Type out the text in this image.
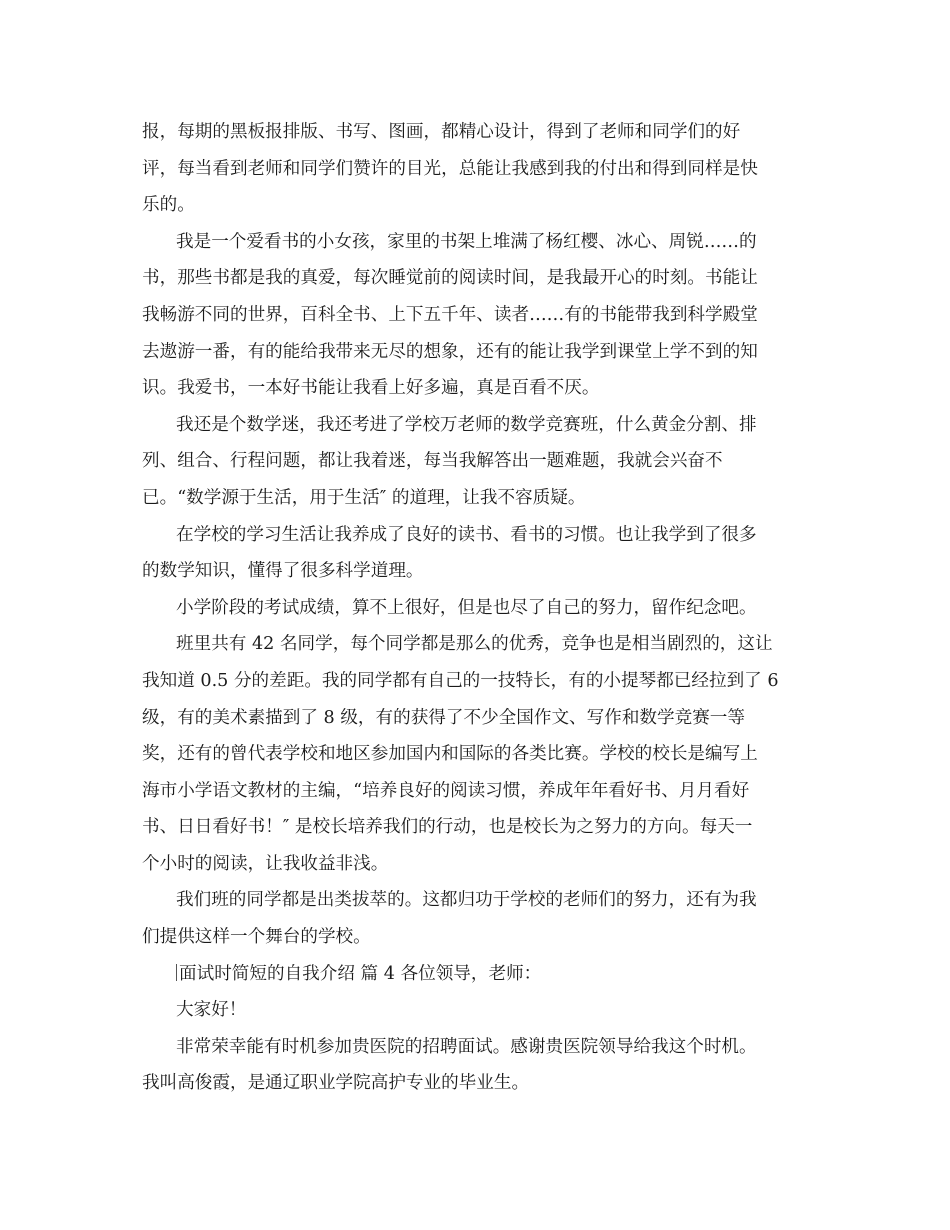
报，每期的黑板报排版、书写、图画，都精心设计，得到了老师和同学们的好
评，每当看到老师和同学们赞许的目光，总能让我感到我的付出和得到同样是快
乐的。
我是一个爱看书的小女孩，家里的书架上堆满了杨红樱、冰心、周锐……的
书，那些书都是我的真爱，每次睡觉前的阅读时间，是我最开心的时刻。书能让
我畅游不同的世界，百科全书、上下五千年、读者……有的书能带我到科学殿堂
去遨游一番，有的能给我带来无尽的想象，还有的能让我学到课堂上学不到的知
识。我爱书，一本好书能让我看上好多遍，真是百看不厌。
我还是个数学迷，我还考进了学校万老师的数学竞赛班，什么黄金分割、排
列、组合、行程问题，都让我着迷，每当我解答出一题难题，我就会兴奋不
已。“数学源于生活，用于生活″ 的道理，让我不容质疑。
在学校的学习生活让我养成了良好的读书、看书的习惯。也让我学到了很多
的数学知识，懂得了很多科学道理。
小学阶段的考试成绩，算不上很好，但是也尽了自己的努力，留作纪念吧。
班里共有 42 名同学，每个同学都是那么的优秀，竞争也是相当剧烈的，这让
我知道 0.5 分的差距。我的同学都有自己的一技特长，有的小提琴都已经拉到了 6
级，有的美术素描到了 8 级，有的获得了不少全国作文、写作和数学竞赛一等
奖，还有的曾代表学校和地区参加国内和国际的各类比赛。学校的校长是编写上
海市小学语文教材的主编，“培养良好的阅读习惯，养成年年看好书、月月看好
书、日日看好书！″ 是校长培养我们的行动，也是校长为之努力的方向。每天一
个小时的阅读，让我收益非浅。
我们班的同学都是出类拔萃的。这都归功于学校的老师们的努力，还有为我
们提供这样一个舞台的学校。
面试时简短的自我介绍 篇 4 各位领导，老师：
大家好！
非常荣幸能有时机参加贵医院的招聘面试。感谢贵医院领导给我这个时机。
我叫高俊霞，是通辽职业学院高护专业的毕业生。
